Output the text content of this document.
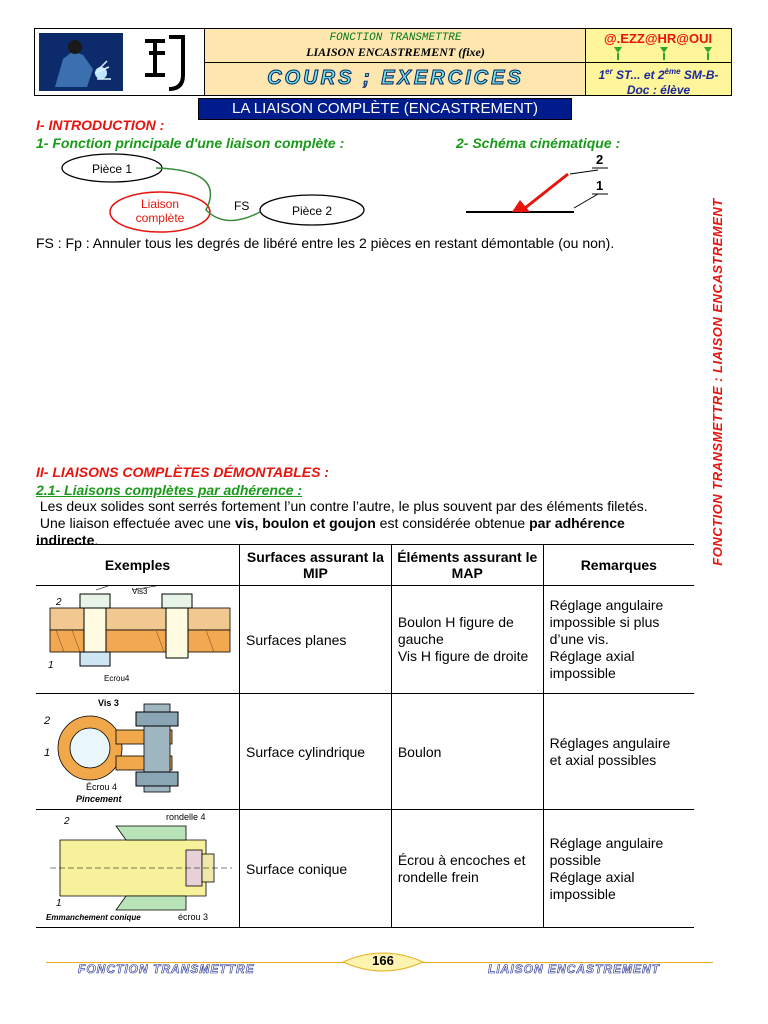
FONCTION TRANSMETTRE
LIAISON ENCASTREMENT (fixe)
COURS ; EXERCICES
@.EZZ@HR@OUI
1er ST... et 2ème SM-B-
Doc : élève
LA LIAISON COMPLÈTE (ENCASTREMENT)
I- INTRODUCTION :
1- Fonction principale d'une liaison complète :	2- Schéma cinématique :
Pièce 1
Liaison
complète	Pièce 2
FS
2
1
FS : Fp : Annuler tous les degrés de libéré entre les 2 pièces en restant démontable (ou non).
II- LIAISONS COMPLÈTES DÉMONTABLES :
2.1- Liaisons complètes par adhérence :
Les deux solides sont serrés fortement l’un contre l’autre, le plus souvent par des éléments filetés.
Une liaison effectuée avec une vis, boulon et goujon est considérée obtenue par adhérence
indirecte.
Exemples	Surfaces assurant la MIP	Éléments assurant le MAP	Remarques

Vis3
2
1
Ecrou4	Surfaces planes	Boulon H figure de gauche
Vis H figure de droite	Réglage angulaire impossible si plus d’une vis.
Réglage axial impossible

Vis 3
2
1
Écrou 4
Pincement	Surface cylindrique	Boulon	Réglages angulaire
et axial possibles

rondelle 4
2
1
écrou 3
Emmanchement conique	Surface conique	Écrou à encoches et rondelle frein	Réglage angulaire possible
Réglage axial impossible
FONCTION TRANSMETTRE : LIAISON ENCASTREMENT
166
FONCTION TRANSMETTRE	LIAISON ENCASTREMENT
